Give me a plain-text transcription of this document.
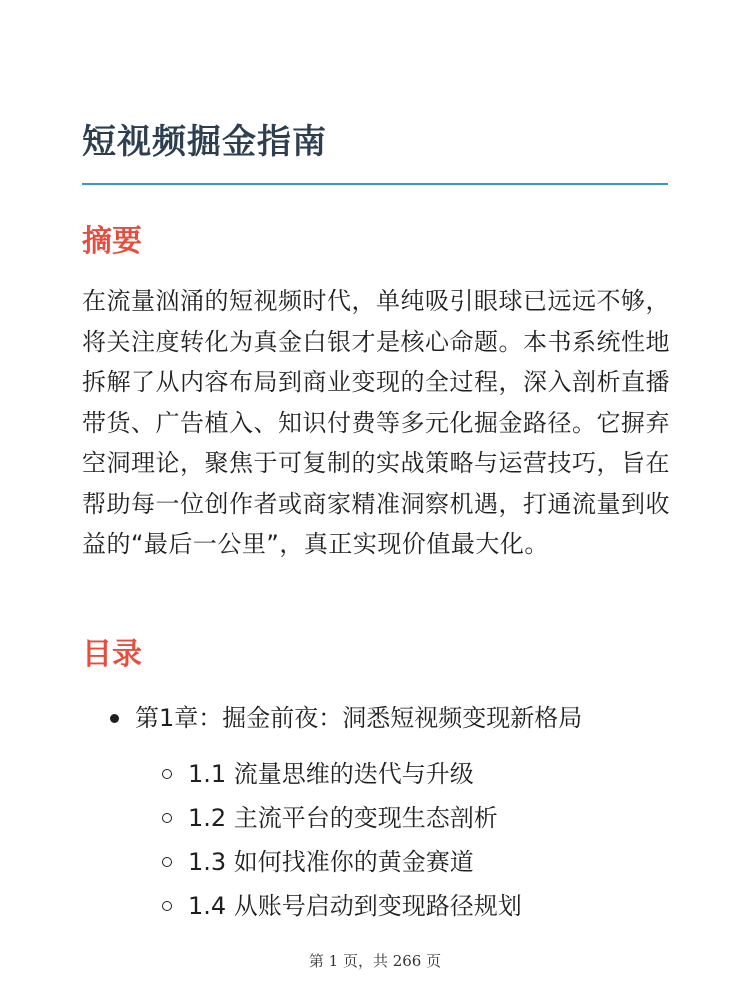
短视频掘金指南
摘要

在流量汹涌的短视频时代，单纯吸引眼球已远远不够，将关注度转化为真金白银才是核心命题。本书系统性地拆解了从内容布局到商业变现的全过程，深入剖析直播带货、广告植入、知识付费等多元化掘金路径。它摒弃空洞理论，聚焦于可复制的实战策略与运营技巧，旨在帮助每一位创作者或商家精准洞察机遇，打通流量到收益的“最后一公里”，真正实现价值最大化。

目录
第1章：掘金前夜：洞悉短视频变现新格局
1.1 流量思维的迭代与升级
1.2 主流平台的变现生态剖析
1.3 如何找准你的黄金赛道
1.4 从账号启动到变现路径规划
第 1 页，共 266 页
